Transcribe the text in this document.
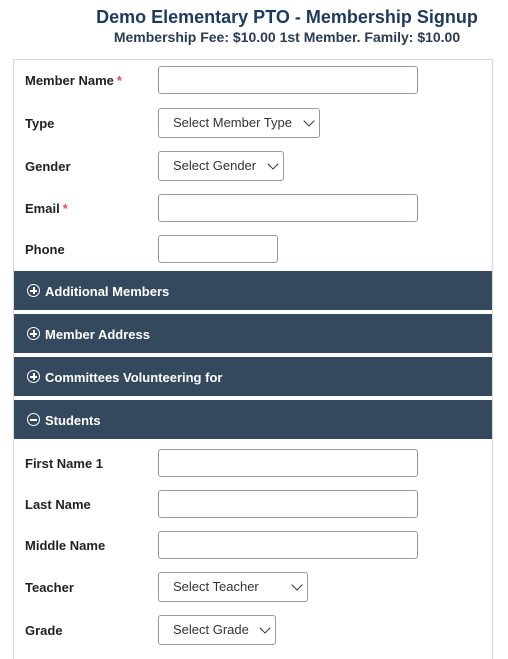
Demo Elementary PTO - Membership Signup
Membership Fee: $10.00 1st Member. Family: $10.00
Member Name *
Type	Select Member Type
Gender	Select Gender
Email *
Phone
Additional Members
Member Address
Committees Volunteering for
Students
First Name 1
Last Name
Middle Name
Teacher	Select Teacher
Grade	Select Grade
